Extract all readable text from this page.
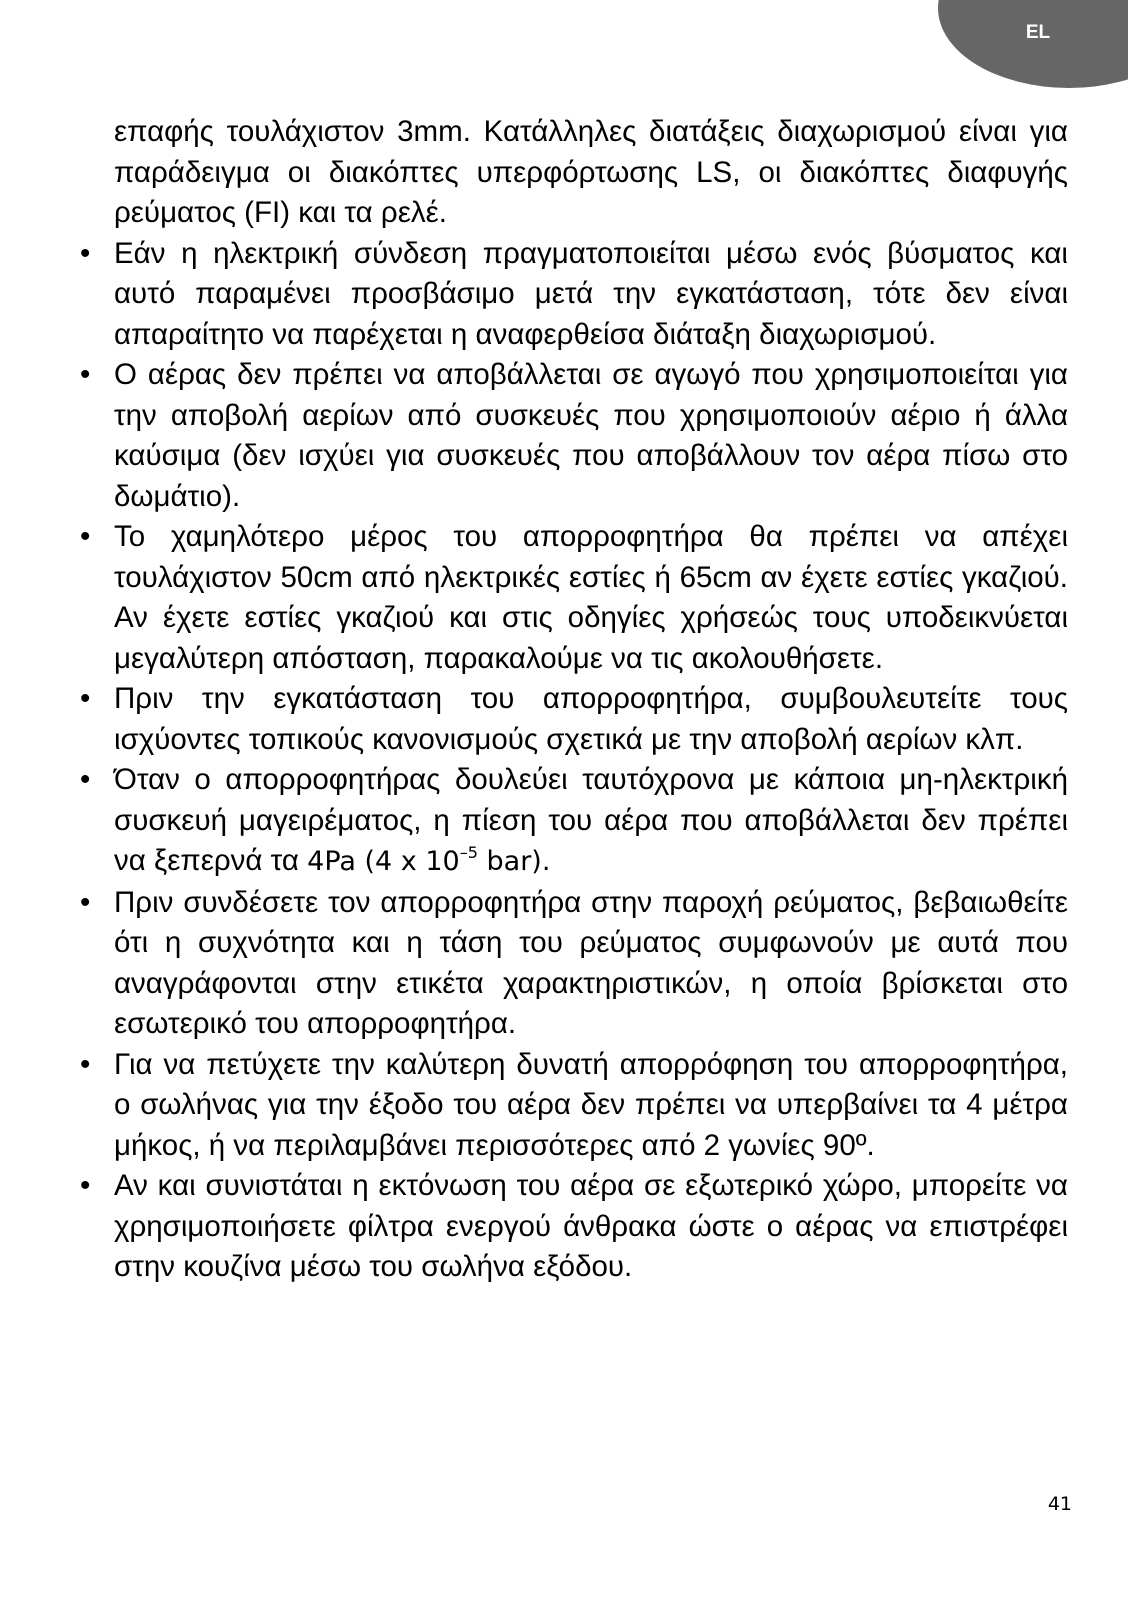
EL

επαφής τουλάχιστον 3mm. Κατάλληλες διατάξεις διαχωρισμού είναι για παράδειγμα οι διακόπτες υπερφόρτωσης LS, οι διακόπτες διαφυγής ρεύματος (FI) και τα ρελέ.

• Εάν η ηλεκτρική σύνδεση πραγματοποιείται μέσω ενός βύσματος και αυτό παραμένει προσβάσιμο μετά την εγκατάσταση, τότε δεν είναι απαραίτητο να παρέχεται η αναφερθείσα διάταξη διαχωρισμού.

• Ο αέρας δεν πρέπει να αποβάλλεται σε αγωγό που χρησιμοποιείται για την αποβολή αερίων από συσκευές που χρησιμοποιούν αέριο ή άλλα καύσιμα (δεν ισχύει για συσκευές που αποβάλλουν τον αέρα πίσω στο δωμάτιο).

• Το χαμηλότερο μέρος του απορροφητήρα θα πρέπει να απέχει τουλάχιστον 50cm από ηλεκτρικές εστίες ή 65cm αν έχετε εστίες γκαζιού. Αν έχετε εστίες γκαζιού και στις οδηγίες χρήσεώς τους υποδεικνύεται μεγαλύτερη απόσταση, παρακαλούμε να τις ακολουθήσετε.

• Πριν την εγκατάσταση του απορροφητήρα, συμβουλευτείτε τους ισχύοντες τοπικούς κανονισμούς σχετικά με την αποβολή αερίων κλπ.

• Όταν ο απορροφητήρας δουλεύει ταυτόχρονα με κάποια μη-ηλεκτρική συσκευή μαγειρέματος, η πίεση του αέρα που αποβάλλεται δεν πρέπει να ξεπερνά τα 4Pa (4 x $10^{-5}$ bar).

• Πριν συνδέσετε τον απορροφητήρα στην παροχή ρεύματος, βεβαιωθείτε ότι η συχνότητα και η τάση του ρεύματος συμφωνούν με αυτά που αναγράφονται στην ετικέτα χαρακτηριστικών, η οποία βρίσκεται στο εσωτερικό του απορροφητήρα.

• Για να πετύχετε την καλύτερη δυνατή απορρόφηση του απορροφητήρα, ο σωλήνας για την έξοδο του αέρα δεν πρέπει να υπερβαίνει τα 4 μέτρα μήκος, ή να περιλαμβάνει περισσότερες από 2 γωνίες 90º.

• Αν και συνιστάται η εκτόνωση του αέρα σε εξωτερικό χώρο, μπορείτε να χρησιμοποιήσετε φίλτρα ενεργού άνθρακα ώστε ο αέρας να επιστρέφει στην κουζίνα μέσω του σωλήνα εξόδου.

41
